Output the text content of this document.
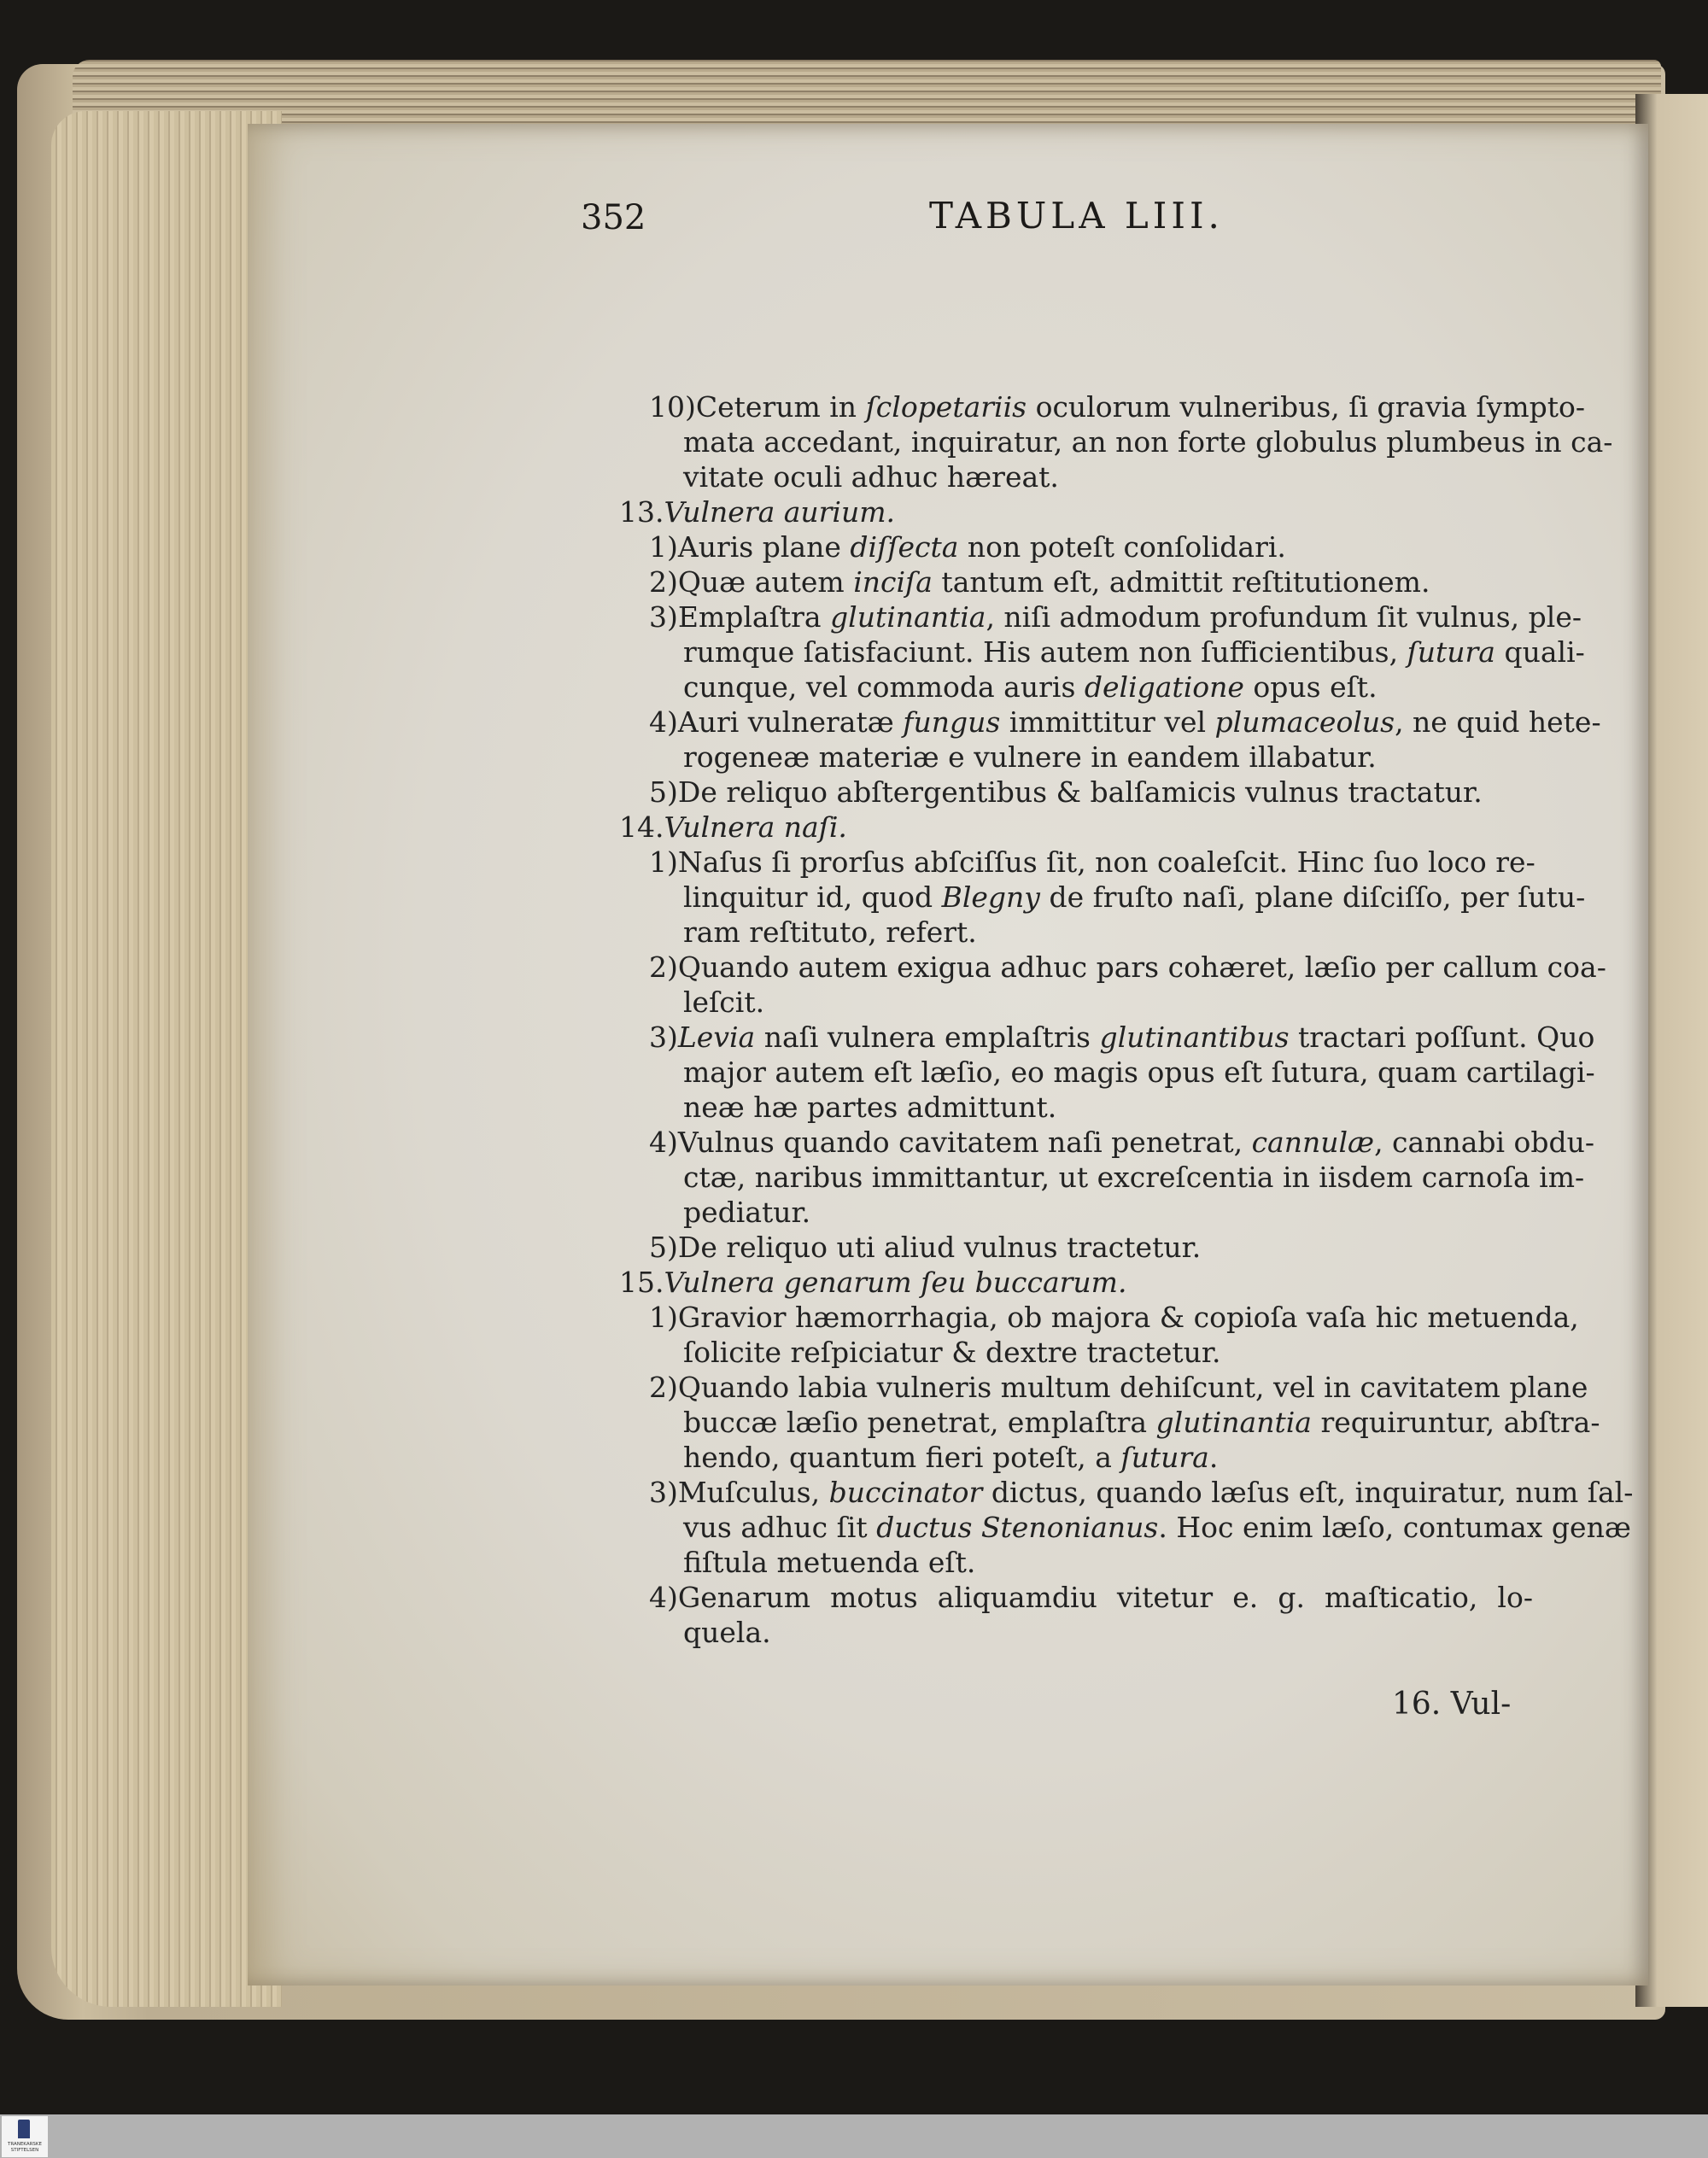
352	TABULA LIII.
10)Ceterum in ſclopetariis oculorum vulneribus, ſi gravia ſympto-
mata accedant, inquiratur, an non forte globulus plumbeus in ca-
vitate oculi adhuc hæreat.
13.Vulnera aurium.
1)Auris plane diſſecta non poteſt conſolidari.
2)Quæ autem inciſa tantum eſt, admittit reſtitutionem.
3)Emplaſtra glutinantia, niſi admodum profundum ſit vulnus, ple-
rumque ſatisfaciunt. His autem non ſufficientibus, ſutura quali-
cunque, vel commoda auris deligatione opus eſt.
4)Auri vulneratæ fungus immittitur vel plumaceolus, ne quid hete-
rogeneæ materiæ e vulnere in eandem illabatur.
5)De reliquo abſtergentibus & balſamicis vulnus tractatur.
14.Vulnera naſi.
1)Naſus ſi prorſus abſciſſus ſit, non coaleſcit. Hinc ſuo loco re-
linquitur id, quod Blegny de fruſto naſi, plane diſciſſo, per ſutu-
ram reſtituto, refert.
2)Quando autem exigua adhuc pars cohæret, læſio per callum coa-
leſcit.
3)Levia naſi vulnera emplaſtris glutinantibus tractari poſſunt. Quo
major autem eſt læſio, eo magis opus eſt ſutura, quam cartilagi-
neæ hæ partes admittunt.
4)Vulnus quando cavitatem naſi penetrat, cannulæ, cannabi obdu-
ctæ, naribus immittantur, ut excreſcentia in iisdem carnoſa im-
pediatur.
5)De reliquo uti aliud vulnus tractetur.
15.Vulnera genarum ſeu buccarum.
1)Gravior hæmorrhagia, ob majora & copioſa vaſa hic metuenda,
ſolicite reſpiciatur & dextre tractetur.
2)Quando labia vulneris multum dehiſcunt, vel in cavitatem plane
buccæ læſio penetrat, emplaſtra glutinantia requiruntur, abſtra-
hendo, quantum fieri poteſt, a ſutura.
3)Muſculus, buccinator dictus, quando læſus eſt, inquiratur, num ſal-
vus adhuc ſit ductus Stenonianus. Hoc enim læſo, contumax genæ
fiſtula metuenda eſt.
4)Genarum motus aliquamdiu vitetur e. g. maſticatio, lo-
quela.
16. Vul-
TRANEKÄRSKE STIFTELSEN
